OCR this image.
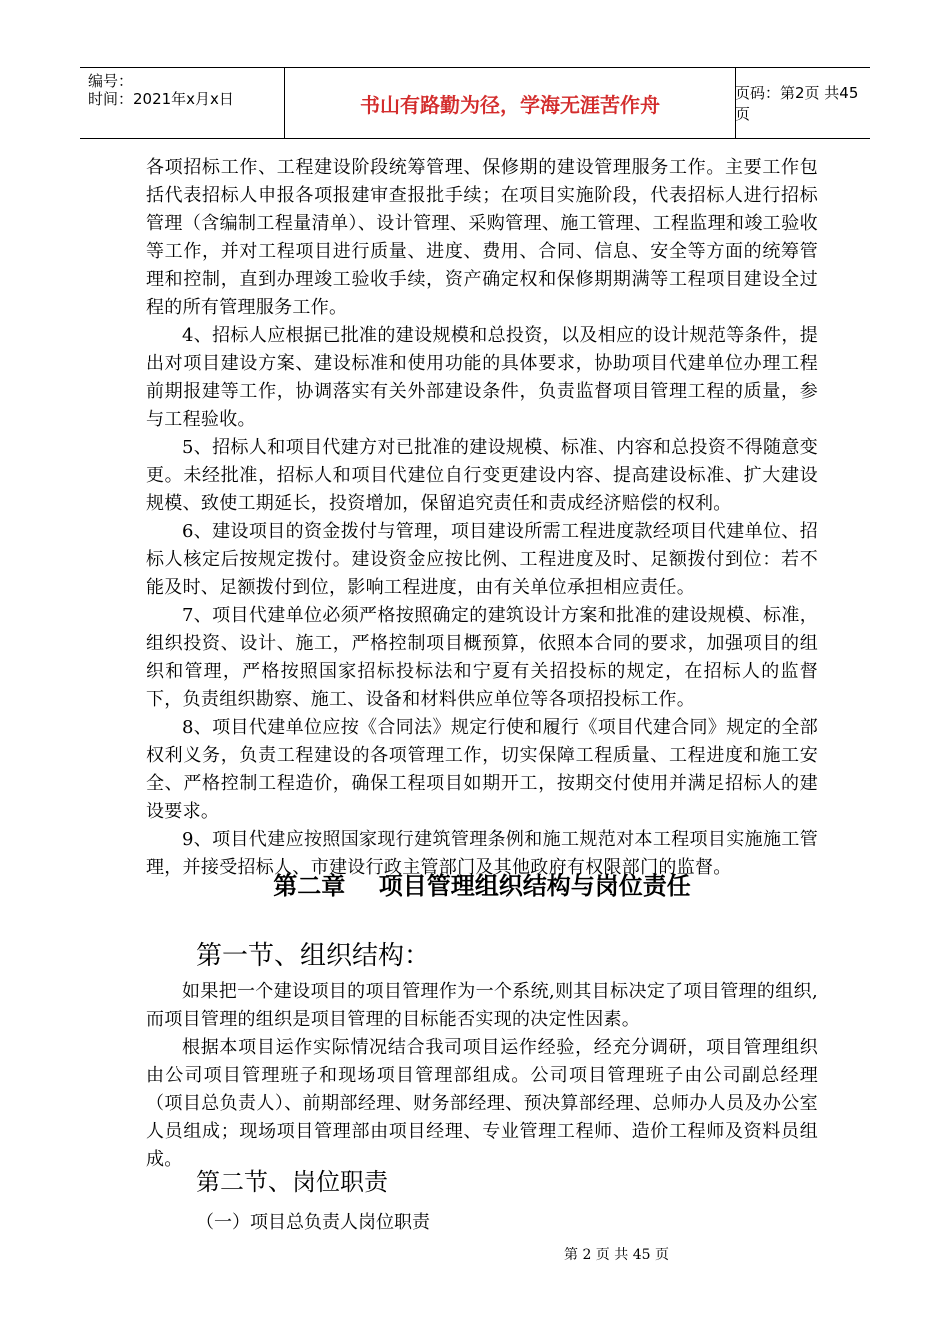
编号：
时间：2021年x月x日	书山有路勤为径，学海无涯苦作舟	页码：第2页 共45页

各项招标工作、工程建设阶段统筹管理、保修期的建设管理服务工作。主要工作包括代表招标人申报各项报建审查报批手续；在项目实施阶段，代表招标人进行招标管理（含编制工程量清单）、设计管理、采购管理、施工管理、工程监理和竣工验收等工作，并对工程项目进行质量、进度、费用、合同、信息、安全等方面的统筹管理和控制，直到办理竣工验收手续，资产确定权和保修期期满等工程项目建设全过程的所有管理服务工作。

4、招标人应根据已批准的建设规模和总投资，以及相应的设计规范等条件，提出对项目建设方案、建设标准和使用功能的具体要求，协助项目代建单位办理工程前期报建等工作，协调落实有关外部建设条件，负责监督项目管理工程的质量，参与工程验收。

5、招标人和项目代建方对已批准的建设规模、标准、内容和总投资不得随意变更。未经批准，招标人和项目代建位自行变更建设内容、提高建设标准、扩大建设规模、致使工期延长，投资增加，保留追究责任和责成经济赔偿的权利。

6、建设项目的资金拨付与管理，项目建设所需工程进度款经项目代建单位、招标人核定后按规定拨付。建设资金应按比例、工程进度及时、足额拨付到位：若不能及时、足额拨付到位，影响工程进度，由有关单位承担相应责任。

7、项目代建单位必须严格按照确定的建筑设计方案和批准的建设规模、标准，组织投资、设计、施工，严格控制项目概预算，依照本合同的要求，加强项目的组织和管理，严格按照国家招标投标法和宁夏有关招投标的规定，在招标人的监督下，负责组织勘察、施工、设备和材料供应单位等各项招投标工作。

8、项目代建单位应按《合同法》规定行使和履行《项目代建合同》规定的全部权利义务，负责工程建设的各项管理工作，切实保障工程质量、工程进度和施工安全、严格控制工程造价，确保工程项目如期开工，按期交付使用并满足招标人的建设要求。

9、项目代建应按照国家现行建筑管理条例和施工规范对本工程项目实施施工管理，并接受招标人、市建设行政主管部门及其他政府有权限部门的监督。

第二章    项目管理组织结构与岗位责任
第一节、组织结构：

如果把一个建设项目的项目管理作为一个系统,则其目标决定了项目管理的组织,而项目管理的组织是项目管理的目标能否实现的决定性因素。

根据本项目运作实际情况结合我司项目运作经验，经充分调研，项目管理组织由公司项目管理班子和现场项目管理部组成。公司项目管理班子由公司副总经理（项目总负责人）、前期部经理、财务部经理、预决算部经理、总师办人员及办公室人员组成；现场项目管理部由项目经理、专业管理工程师、造价工程师及资料员组成。

第二节、岗位职责
（一）项目总负责人岗位职责
第 2 页 共 45 页
